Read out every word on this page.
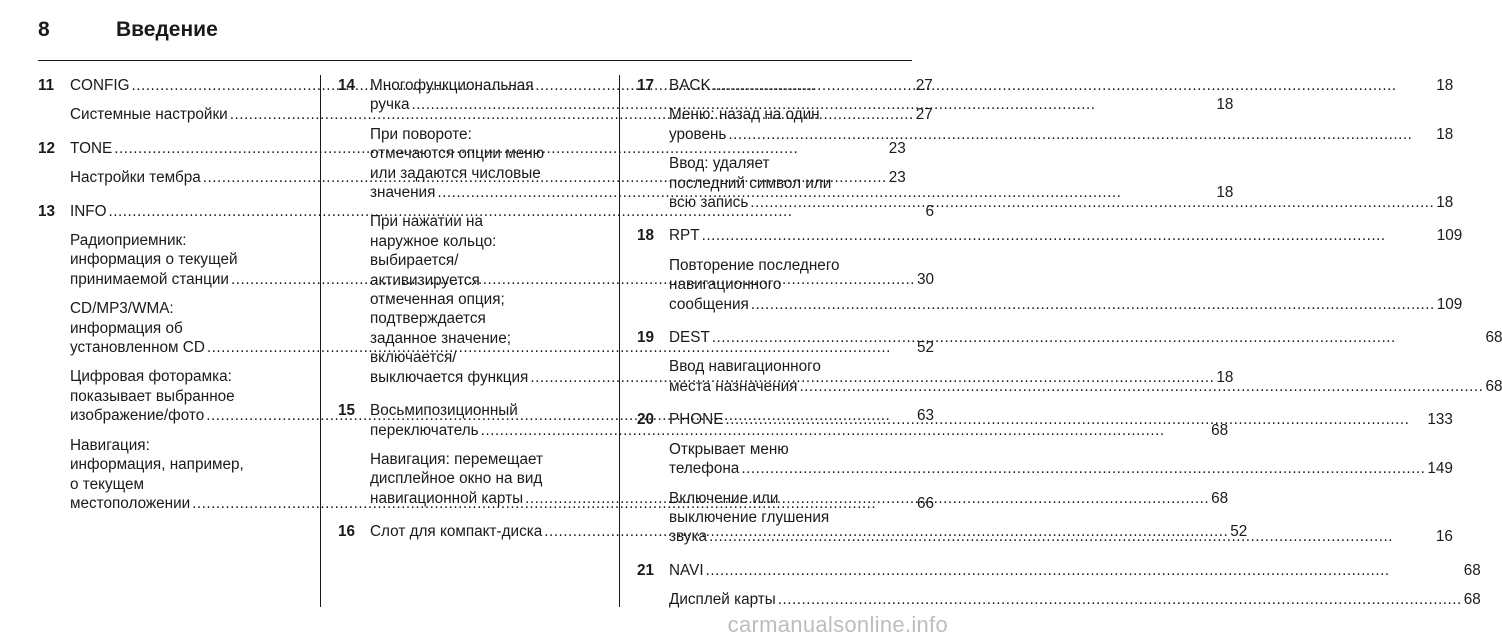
8	Введение
11	CONFIG .....	27
Системные настройки .....	27
12 TONE .....	23
Настройки тембра .....	23
13 INFO .....	6
Радиоприемник:
информация о текущей
принимаемой станции .....	30
CD/MP3/WMA:
информация об
установленном CD .....	52
Цифровая фоторамка:
показывает выбранное
изображение/фото .....	63
Навигация:
информация, например,
о текущем
местоположении .....	66
14 Многофункциональная
ручка .....	18
При повороте:
отмечаются опции меню
или задаются числовые
значения .....	18
При нажатии на
наружное кольцо:
выбирается/
активизируется
отмеченная опция;
подтверждается
заданное значение;
включается/
выключается функция .....	18
15 Восьмипозиционный
переключатель .....	68
Навигация: перемещает
дисплейное окно на вид
навигационной карты .....	68
16 Слот для компакт-диска .....	52
17 BACK .....	18
Меню: назад на один
уровень .....	18
Ввод: удаляет
последний символ или
всю запись .....	18
18 RPT .....	109
Повторение последнего
навигационного
сообщения .....	109
19 DEST .....	68
Ввод навигационного
места назначения .....	68
20 PHONE .....	133
Открывает меню
телефона .....	149
Включение или
выключение глушения
звука .....	16
21 NAVI .....	68
Дисплей карты .....	68
carmanualsonline.info
